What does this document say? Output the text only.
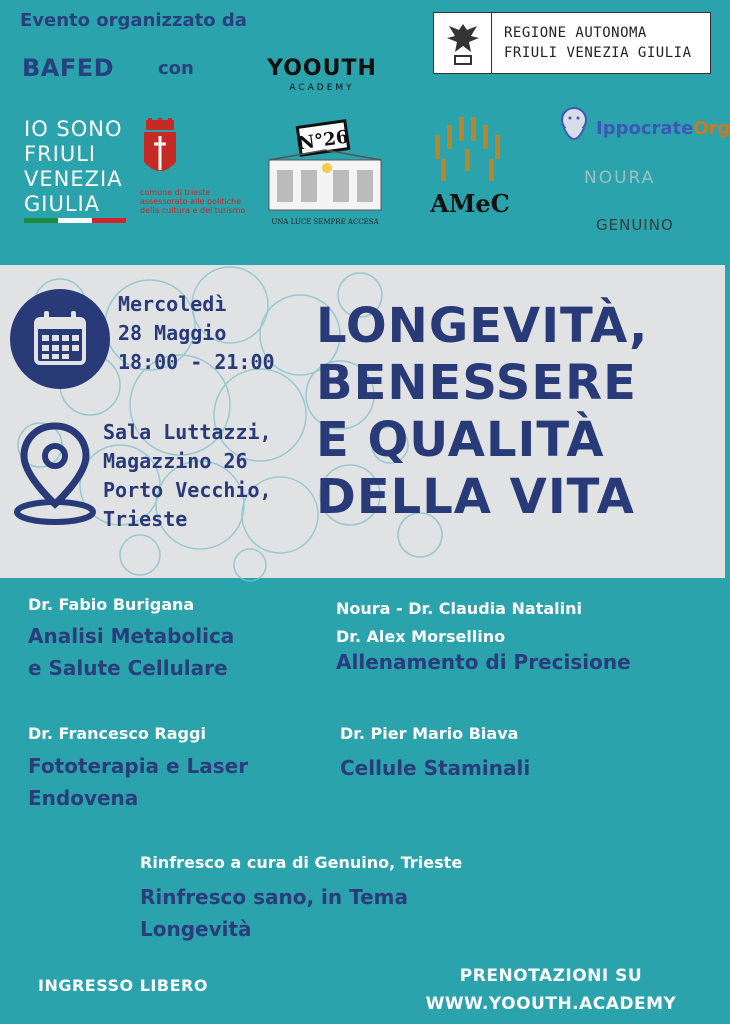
Evento organizzato da
BAFED con	YOOUTH
ACADEMY
REGIONE AUTONOMA
FRIULI VENEZIA GIULIA
IO SONO
FRIULI
VENEZIA
GIULIA	comune di trieste
assessorato alle politiche
della cultura e del turismo
N°26
UNA LUCE SEMPRE ACCESA
AMeC
IppocrateOrg
NOURA
GENUINO
Mercoledì
28 Maggio
18:00 - 21:00
Sala Luttazzi,
Magazzino 26
Porto Vecchio,
Trieste
LONGEVITÀ,
BENESSERE
E QUALITÀ
DELLA VITA
Dr. Fabio Burigana
Analisi Metabolica
e Salute Cellulare
Noura - Dr. Claudia Natalini
Dr. Alex Morsellino
Allenamento di Precisione
Dr. Francesco Raggi
Fototerapia e Laser
Endovena
Dr. Pier Mario Biava
Cellule Staminali
Rinfresco a cura di Genuino, Trieste
Rinfresco sano, in Tema
Longevità
INGRESSO LIBERO	PRENOTAZIONI SU
WWW.YOOUTH.ACADEMY
